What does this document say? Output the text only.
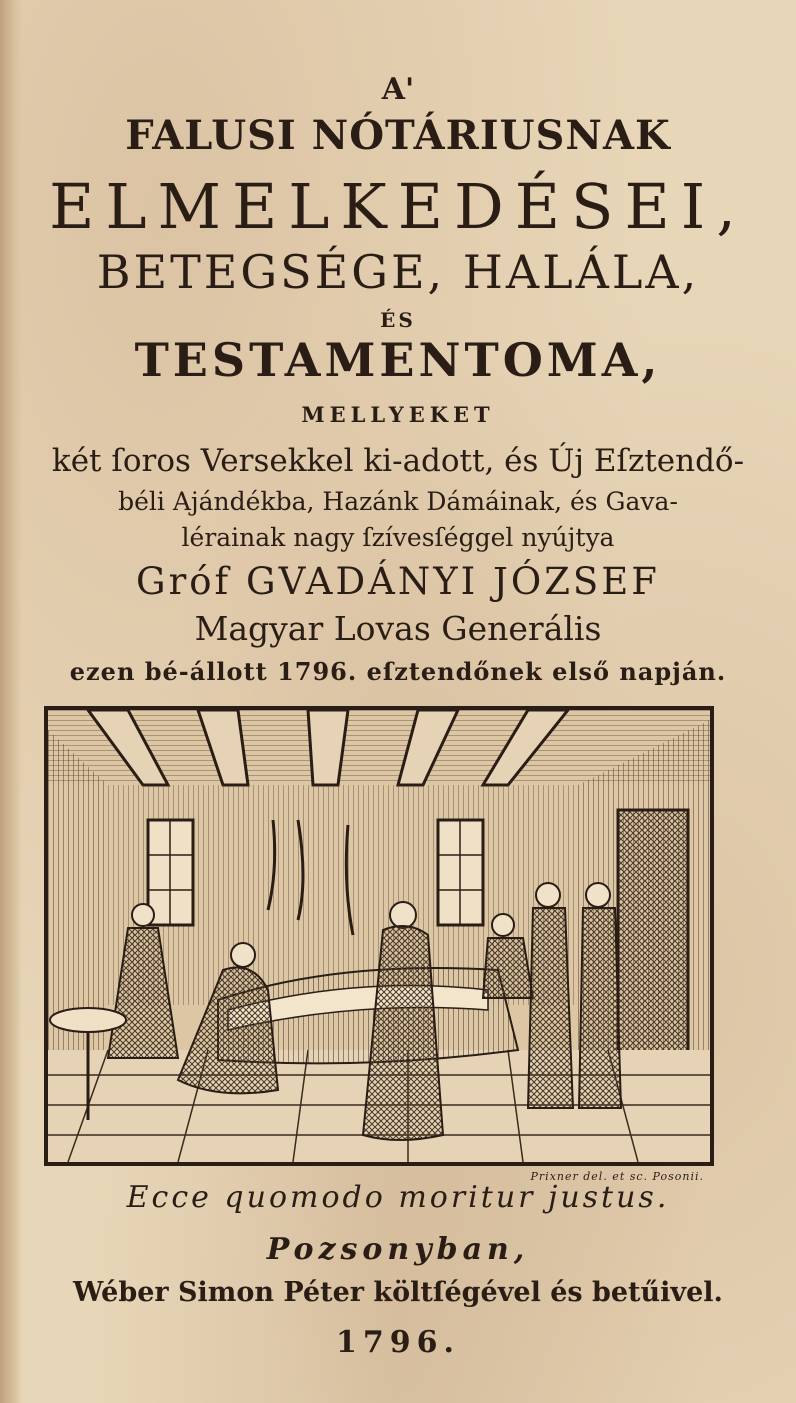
A'
FALUSI NÓTÁRIUSNAK
ELMELKEDÉSEI,
BETEGSÉGE, HALÁLA,
ÉS
TESTAMENTOMA,
MELLYEKET
két ſoros Versekkel ki-adott, és Új Eſztendő-
béli Ajándékba, Hazánk Dámáinak, és Gava-
lérainak nagy ſzívesſéggel nyújtya
Gróf GVADÁNYI JÓZSEF
Magyar Lovas Generális
ezen bé-állott 1796. eſztendőnek első napján.
Prixner del. et sc. Posonii.
Ecce quomodo moritur justus.
Pozsonyban,
Wéber Simon Péter költſégével és betűivel.
1796.
